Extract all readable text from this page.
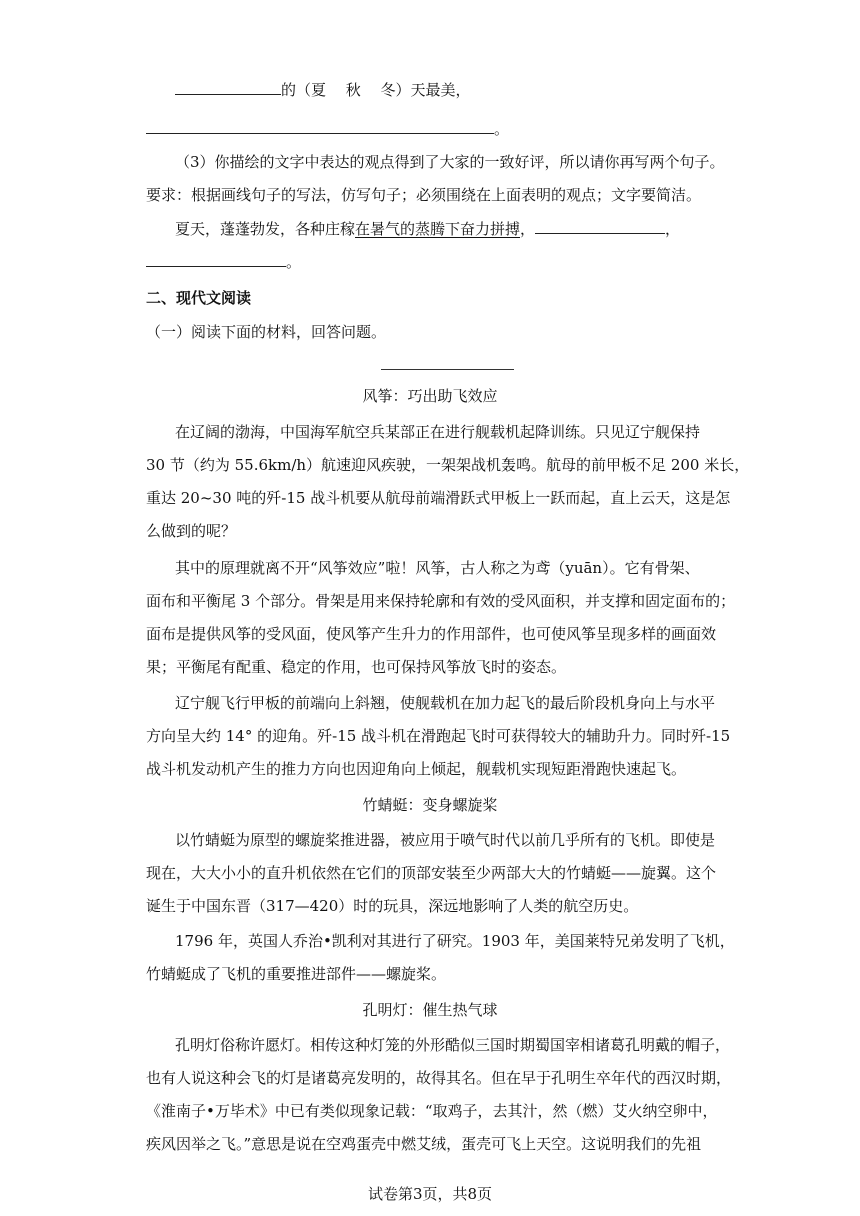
的（夏　 秋　 冬）天最美，
。
（3）你描绘的文字中表达的观点得到了大家的一致好评，所以请你再写两个句子。
要求：根据画线句子的写法，仿写句子；必须围绕在上面表明的观点；文字要简洁。
夏天，蓬蓬勃发，各种庄稼在暑气的蒸腾下奋力拼搏，	，
。
二、现代文阅读
（一）阅读下面的材料，回答问题。
风筝：巧出助飞效应
在辽阔的渤海，中国海军航空兵某部正在进行舰载机起降训练。只见辽宁舰保持
30 节（约为 55.6km/h）航速迎风疾驶，一架架战机轰鸣。航母的前甲板不足 200 米长，
重达 20~30 吨的歼-15 战斗机要从航母前端滑跃式甲板上一跃而起，直上云天，这是怎
么做到的呢？
其中的原理就离不开“风筝效应”啦！风筝，古人称之为鸢（yuān）。它有骨架、
面布和平衡尾 3 个部分。骨架是用来保持轮廓和有效的受风面积，并支撑和固定面布的；
面布是提供风筝的受风面，使风筝产生升力的作用部件，也可使风筝呈现多样的画面效
果；平衡尾有配重、稳定的作用，也可保持风筝放飞时的姿态。
辽宁舰飞行甲板的前端向上斜翘，使舰载机在加力起飞的最后阶段机身向上与水平
方向呈大约 14° 的迎角。歼-15 战斗机在滑跑起飞时可获得较大的辅助升力。同时歼-15
战斗机发动机产生的推力方向也因迎角向上倾起，舰载机实现短距滑跑快速起飞。
竹蜻蜓：变身螺旋桨
以竹蜻蜓为原型的螺旋桨推进器，被应用于喷气时代以前几乎所有的飞机。即使是
现在，大大小小的直升机依然在它们的顶部安装至少两部大大的竹蜻蜓——旋翼。这个
诞生于中国东晋（317—420）时的玩具，深远地影响了人类的航空历史。
1796 年，英国人乔治•凯利对其进行了研究。1903 年，美国莱特兄弟发明了飞机，
竹蜻蜓成了飞机的重要推进部件——螺旋桨。
孔明灯：催生热气球
孔明灯俗称许愿灯。相传这种灯笼的外形酷似三国时期蜀国宰相诸葛孔明戴的帽子，
也有人说这种会飞的灯是诸葛亮发明的，故得其名。但在早于孔明生卒年代的西汉时期，
《淮南子•万毕术》中已有类似现象记载：“取鸡子，去其汁，然（燃）艾火纳空卵中，
疾风因举之飞。”意思是说在空鸡蛋壳中燃艾绒，蛋壳可飞上天空。这说明我们的先祖
试卷第3页，共8页
